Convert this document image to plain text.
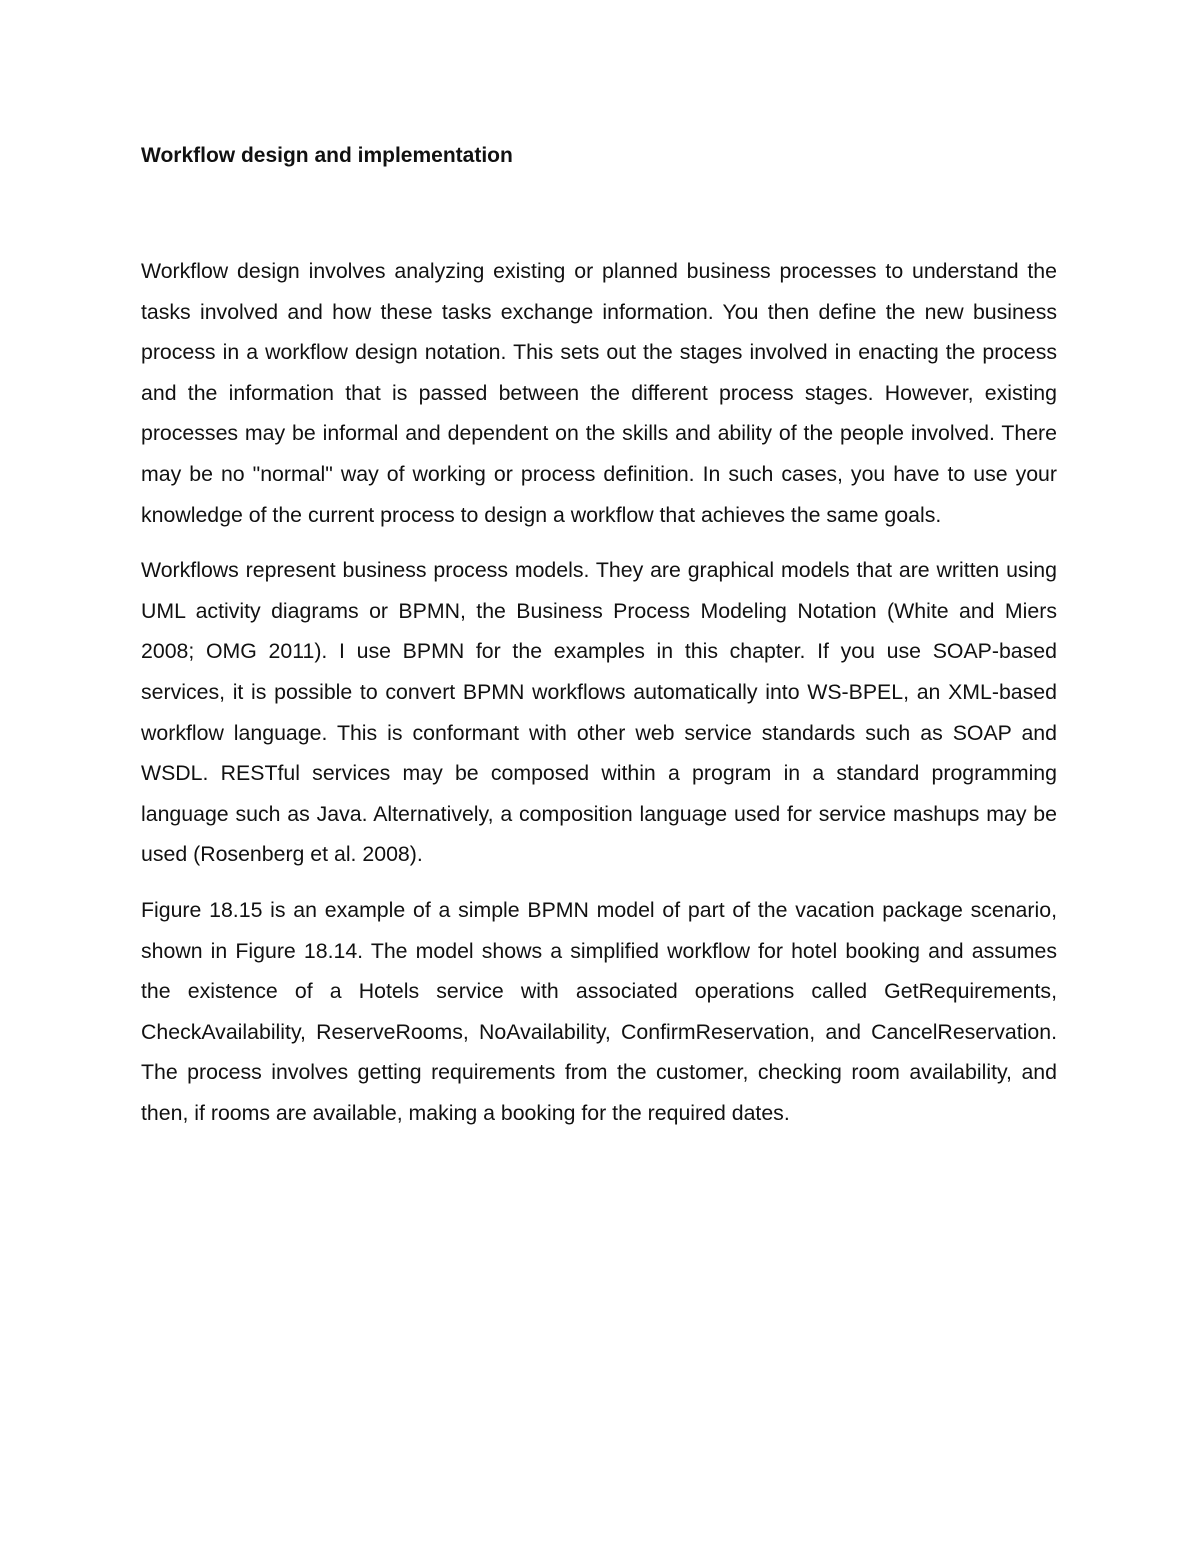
Workflow design and implementation

Workflow design involves analyzing existing or planned business processes to understand the tasks involved and how these tasks exchange information. You then define the new business process in a workflow design notation. This sets out the stages involved in enacting the process and the information that is passed between the different process stages. However, existing processes may be informal and dependent on the skills and ability of the people involved. There may be no "normal" way of working or process definition. In such cases, you have to use your knowledge of the current process to design a workflow that achieves the same goals.

Workflows represent business process models. They are graphical models that are written using UML activity diagrams or BPMN, the Business Process Modeling Notation (White and Miers 2008; OMG 2011). I use BPMN for the examples in this chapter. If you use SOAP-based services, it is possible to convert BPMN workflows automatically into WS-BPEL, an XML-based workflow language. This is conformant with other web service standards such as SOAP and WSDL. RESTful services may be composed within a program in a standard programming language such as Java. Alternatively, a composition language used for service mashups may be used (Rosenberg et al. 2008).

Figure 18.15 is an example of a simple BPMN model of part of the vacation package scenario, shown in Figure 18.14. The model shows a simplified workflow for hotel booking and assumes the existence of a Hotels service with associated operations called GetRequirements, CheckAvailability, ReserveRooms, NoAvailability, ConfirmReservation, and CancelReservation. The process involves getting requirements from the customer, checking room availability, and then, if rooms are available, making a booking for the required dates.
